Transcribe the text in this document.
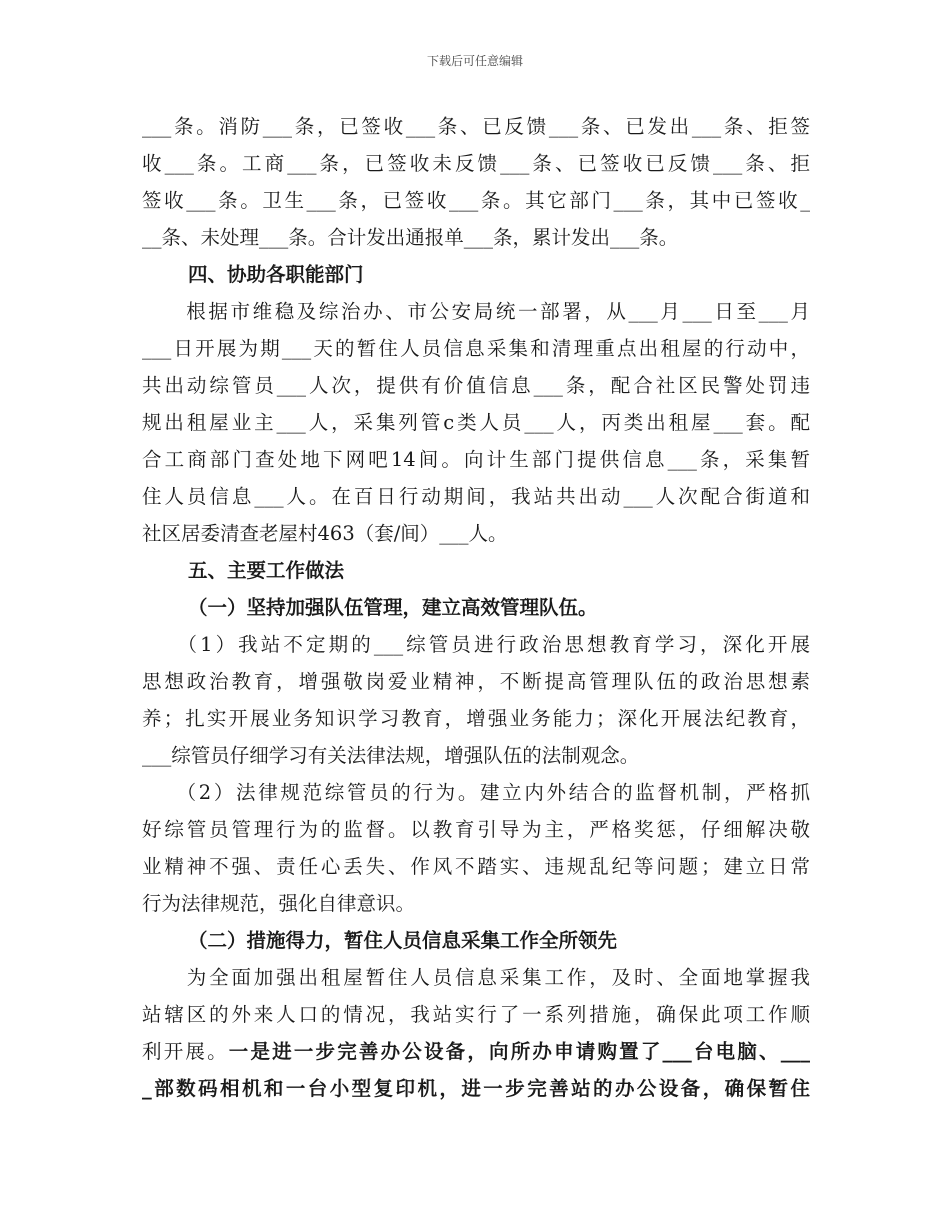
下载后可任意编辑
___条。消防___条，已签收___条、已反馈___条、已发出___条、拒签
收___条。工商___条，已签收未反馈___条、已签收已反馈___条、拒
签收___条。卫生___条，已签收___条。其它部门___条，其中已签收_
__条、未处理___条。合计发出通报单___条，累计发出___条。
四、协助各职能部门
　　根据市维稳及综治办、市公安局统一部署，从___月___日至___月
___日开展为期___天的暂住人员信息采集和清理重点出租屋的行动中，
共出动综管员___人次，提供有价值信息___条，配合社区民警处罚违
规出租屋业主___人，采集列管c类人员___人，丙类出租屋___套。配
合工商部门查处地下网吧14间。向计生部门提供信息___条，采集暂
住人员信息___人。在百日行动期间，我站共出动___人次配合街道和
社区居委清查老屋村463（套/间）___人。
五、主要工作做法
（一）坚持加强队伍管理，建立高效管理队伍。
　　（1）我站不定期的___综管员进行政治思想教育学习，深化开展
思想政治教育，增强敬岗爱业精神，不断提高管理队伍的政治思想素
养；扎实开展业务知识学习教育，增强业务能力；深化开展法纪教育，
___综管员仔细学习有关法律法规，增强队伍的法制观念。
　　（2）法律规范综管员的行为。建立内外结合的监督机制，严格抓
好综管员管理行为的监督。以教育引导为主，严格奖惩，仔细解决敬
业精神不强、责任心丢失、作风不踏实、违规乱纪等问题；建立日常
行为法律规范，强化自律意识。
（二）措施得力，暂住人员信息采集工作全所领先
　　为全面加强出租屋暂住人员信息采集工作，及时、全面地掌握我
站辖区的外来人口的情况，我站实行了一系列措施，确保此项工作顺
利开展。一是进一步完善办公设备，向所办申请购置了___台电脑、___
_部数码相机和一台小型复印机，进一步完善站的办公设备，确保暂住
